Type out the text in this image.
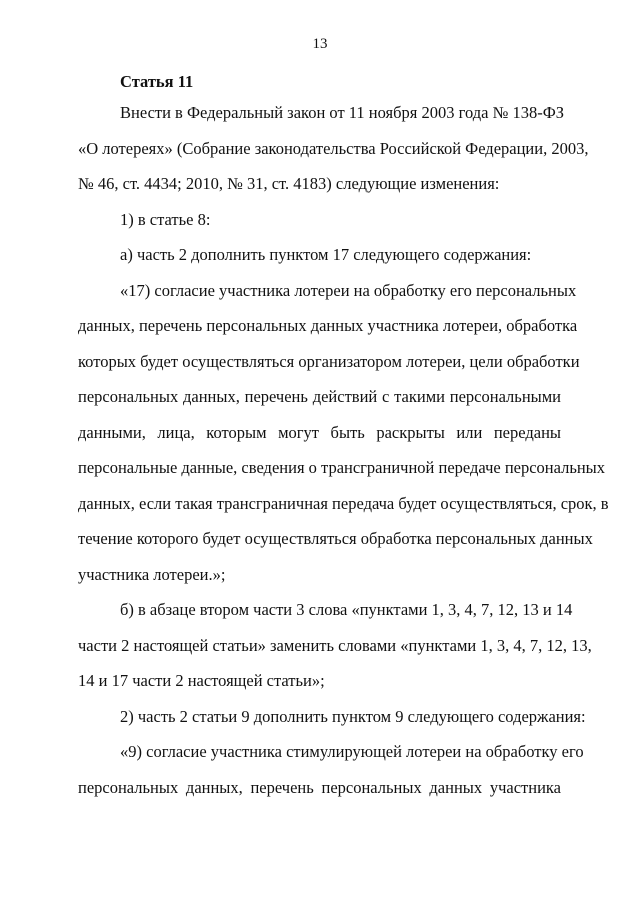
13
Статья 11
Внести в Федеральный закон от 11 ноября 2003 года № 138-ФЗ
«О лотереях» (Собрание законодательства Российской Федерации, 2003,
№ 46, ст. 4434; 2010, № 31, ст. 4183) следующие изменения:
1) в статье 8:
а) часть 2 дополнить пунктом 17 следующего содержания:
«17) согласие участника лотереи на обработку его персональных
данных, перечень персональных данных участника лотереи, обработка
которых будет осуществляться организатором лотереи, цели обработки
персональных данных, перечень действий с такими персональными
данными, лица, которым могут быть раскрыты или переданы
персональные данные, сведения о трансграничной передаче персональных
данных, если такая трансграничная передача будет осуществляться, срок, в
течение которого будет осуществляться обработка персональных данных
участника лотереи.»;
б) в абзаце втором части 3 слова «пунктами 1, 3, 4, 7, 12, 13 и 14
части 2 настоящей статьи» заменить словами «пунктами 1, 3, 4, 7, 12, 13,
14 и 17 части 2 настоящей статьи»;
2) часть 2 статьи 9 дополнить пунктом 9 следующего содержания:
«9) согласие участника стимулирующей лотереи на обработку его
персональных данных, перечень персональных данных участника
